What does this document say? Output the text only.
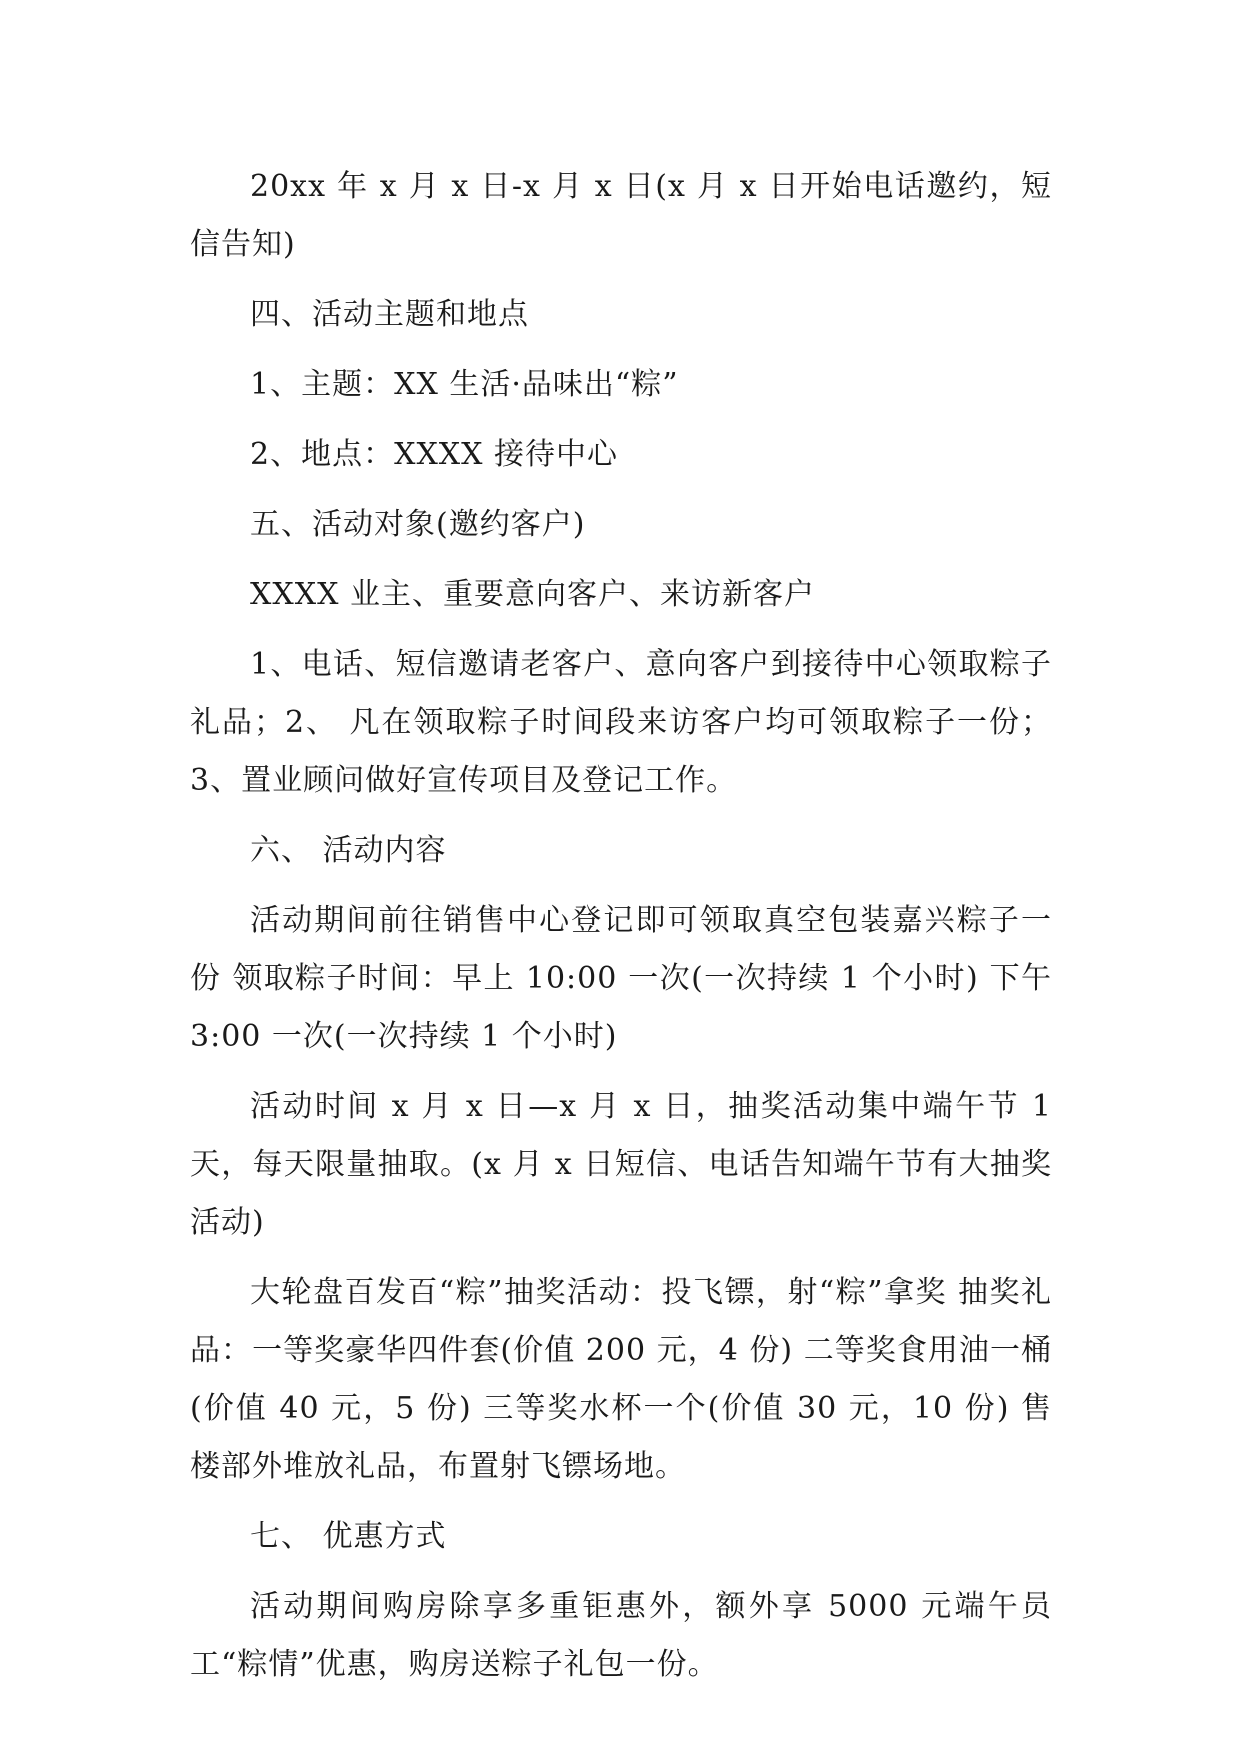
20xx 年 x 月 x 日-x 月 x 日(x 月 x 日开始电话邀约，短信告知)

四、活动主题和地点

1、主题：XX 生活·品味出“粽”

2、地点：XXXX 接待中心

五、活动对象(邀约客户)

XXXX 业主、重要意向客户、来访新客户

1、电话、短信邀请老客户、意向客户到接待中心领取粽子礼品；2、 凡在领取粽子时间段来访客户均可领取粽子一份；3、置业顾问做好宣传项目及登记工作。

六、 活动内容

活动期间前往销售中心登记即可领取真空包装嘉兴粽子一份 领取粽子时间：早上 10:00 一次(一次持续 1 个小时) 下午 3:00 一次(一次持续 1 个小时)

活动时间 x 月 x 日—x 月 x 日，抽奖活动集中端午节 1 天，每天限量抽取。(x 月 x 日短信、电话告知端午节有大抽奖活动)

大轮盘百发百“粽”抽奖活动：投飞镖，射“粽”拿奖 抽奖礼品：一等奖豪华四件套(价值 200 元，4 份) 二等奖食用油一桶(价值 40 元，5 份) 三等奖水杯一个(价值 30 元，10 份) 售楼部外堆放礼品，布置射飞镖场地。

七、 优惠方式

活动期间购房除享多重钜惠外，额外享 5000 元端午员工“粽情”优惠，购房送粽子礼包一份。
